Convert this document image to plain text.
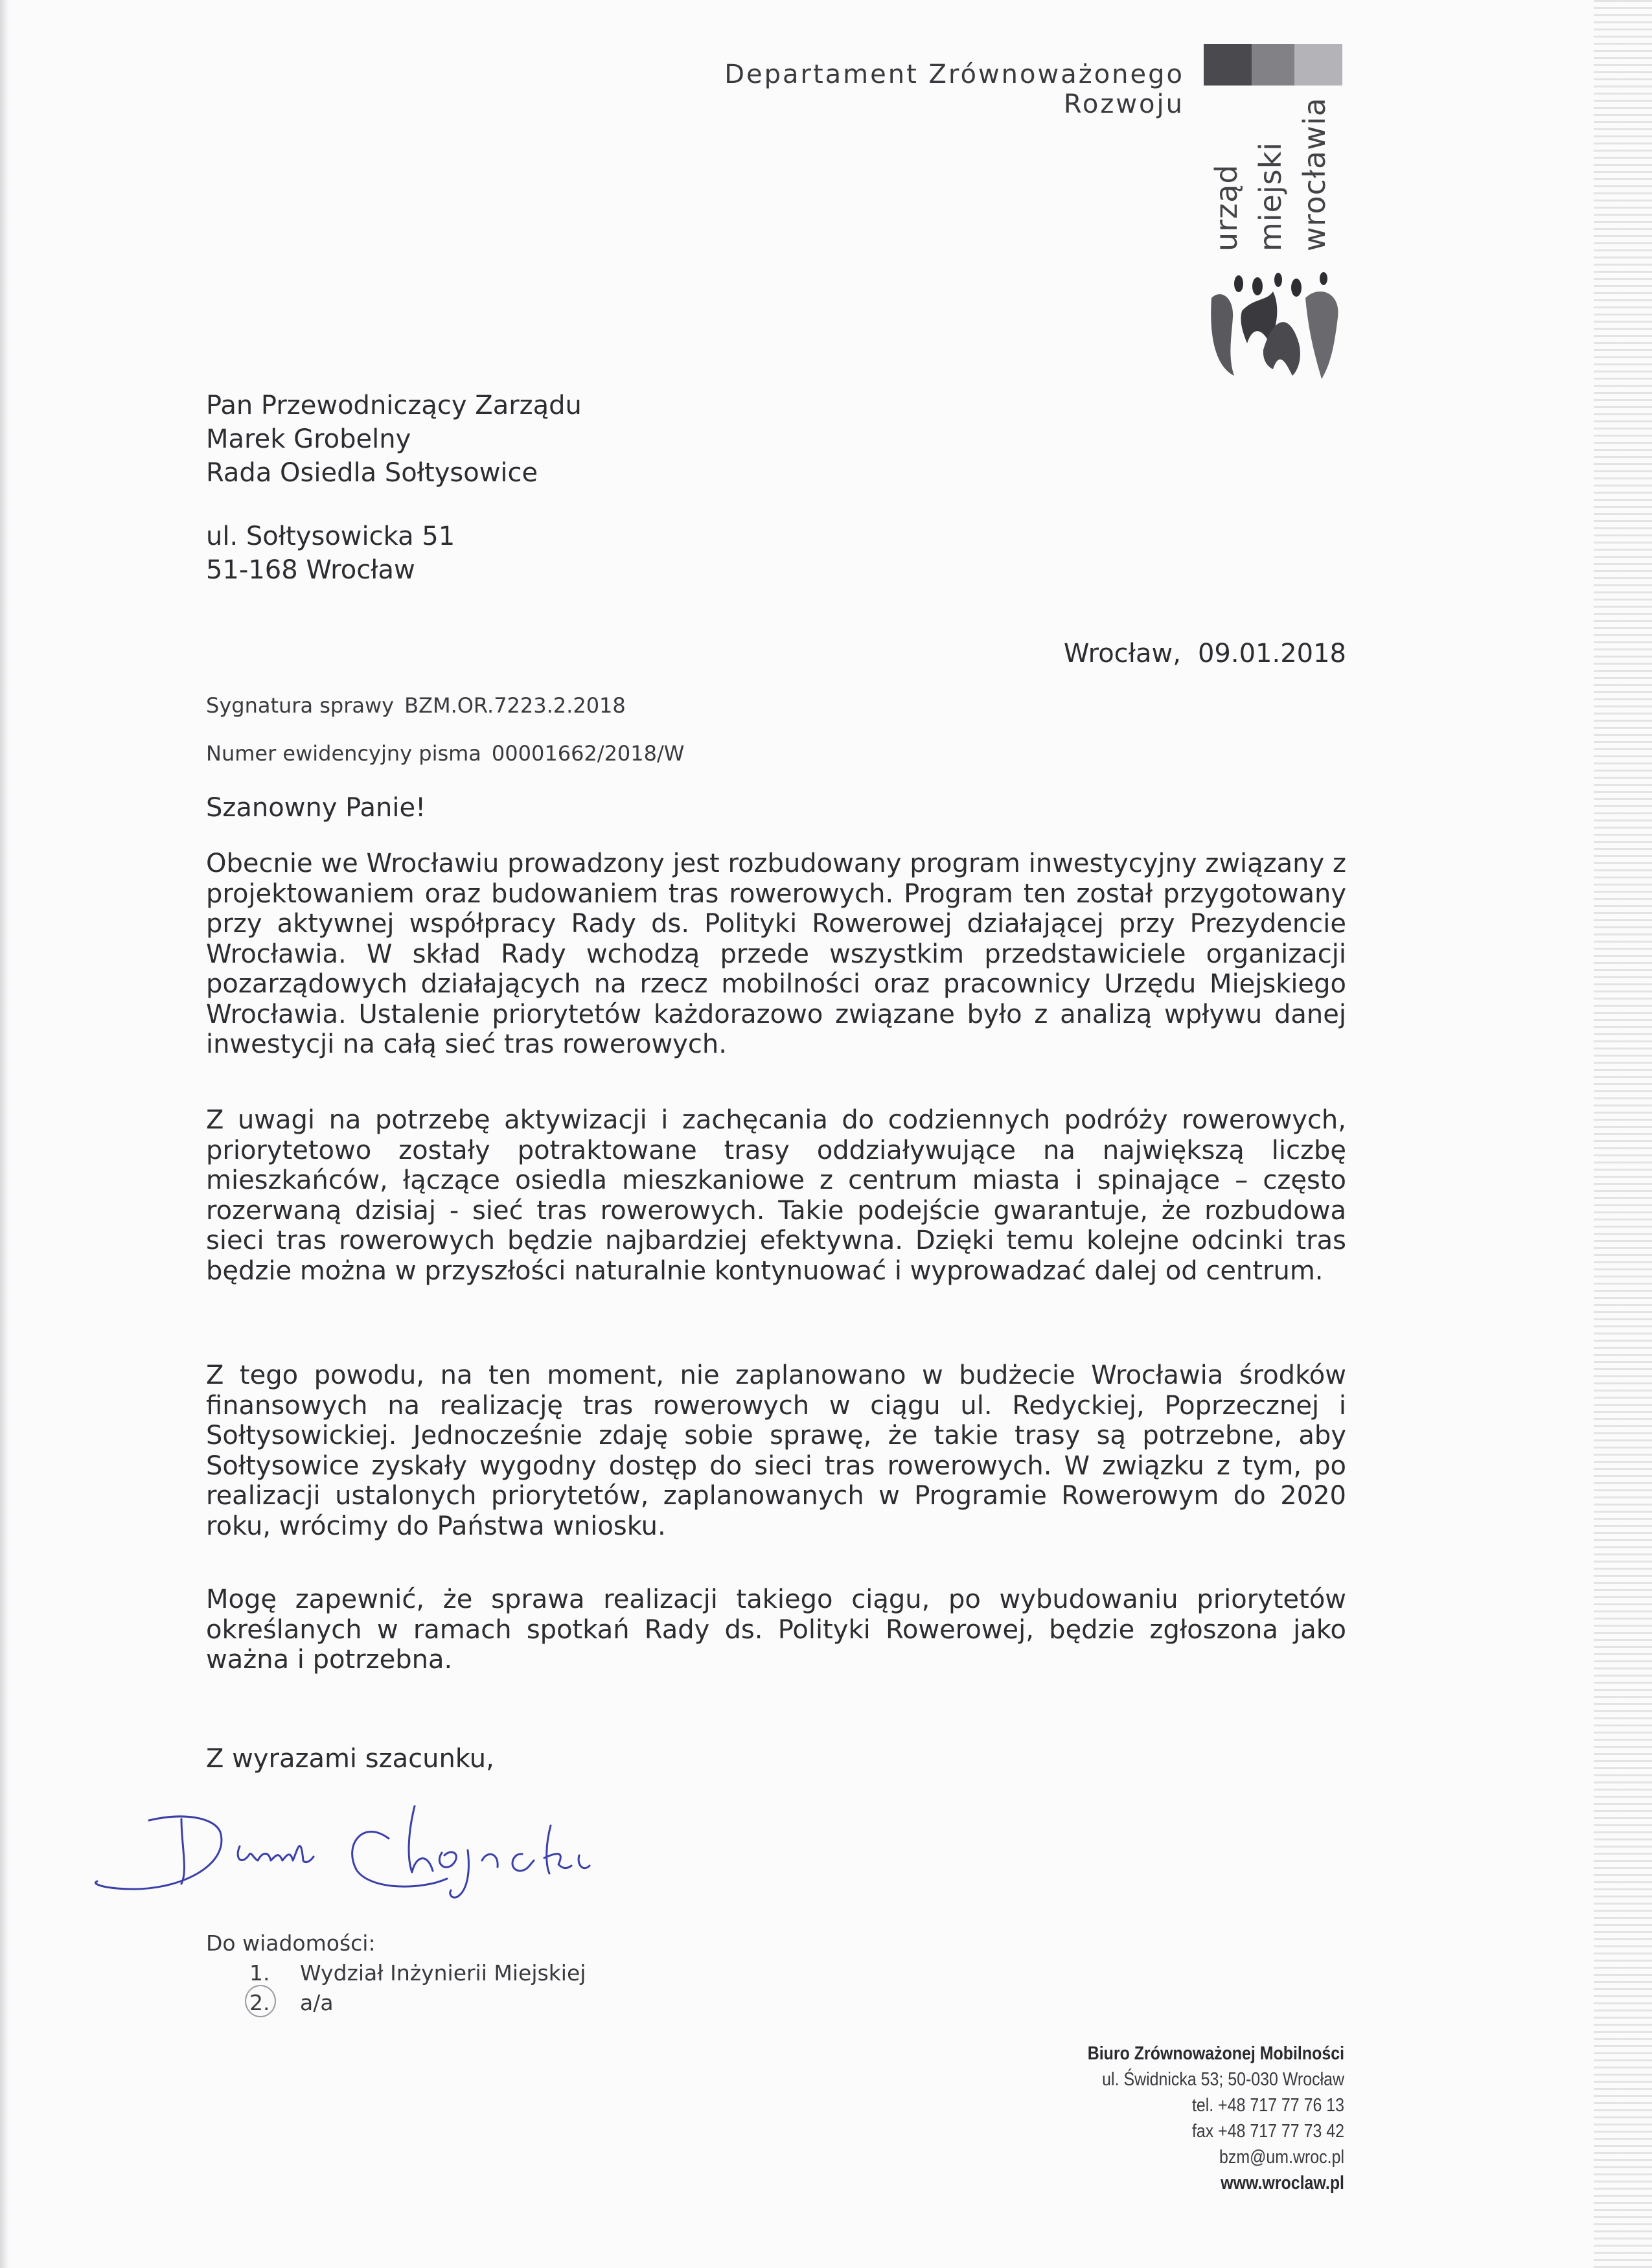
Departament Zrównoważonego Rozwoju
urząd miejski wrocławia
Pan Przewodniczący Zarządu
Marek Grobelny
Rada Osiedla Sołtysowice
ul. Sołtysowicka 51
51-168 Wrocław
Wrocław, 09.01.2018
Sygnatura sprawy BZM.OR.7223.2.2018
Numer ewidencyjny pisma 00001662/2018/W
Szanowny Panie!
Obecnie we Wrocławiu prowadzony jest rozbudowany program inwestycyjny związany z projektowaniem oraz budowaniem tras rowerowych. Program ten został przygotowany przy aktywnej współpracy Rady ds. Polityki Rowerowej działającej przy Prezydencie Wrocławia. W skład Rady wchodzą przede wszystkim przedstawiciele organizacji pozarządowych działających na rzecz mobilności oraz pracownicy Urzędu Miejskiego Wrocławia. Ustalenie priorytetów każdorazowo związane było z analizą wpływu danej inwestycji na całą sieć tras rowerowych.
Z uwagi na potrzebę aktywizacji i zachęcania do codziennych podróży rowerowych, priorytetowo zostały potraktowane trasy oddziaływujące na największą liczbę mieszkańców, łączące osiedla mieszkaniowe z centrum miasta i spinające – często rozerwaną dzisiaj - sieć tras rowerowych. Takie podejście gwarantuje, że rozbudowa sieci tras rowerowych będzie najbardziej efektywna. Dzięki temu kolejne odcinki tras będzie można w przyszłości naturalnie kontynuować i wyprowadzać dalej od centrum.
Z tego powodu, na ten moment, nie zaplanowano w budżecie Wrocławia środków finansowych na realizację tras rowerowych w ciągu ul. Redyckiej, Poprzecznej i Sołtysowickiej. Jednocześnie zdaję sobie sprawę, że takie trasy są potrzebne, aby Sołtysowice zyskały wygodny dostęp do sieci tras rowerowych. W związku z tym, po realizacji ustalonych priorytetów, zaplanowanych w Programie Rowerowym do 2020 roku, wrócimy do Państwa wniosku.
Mogę zapewnić, że sprawa realizacji takiego ciągu, po wybudowaniu priorytetów określanych w ramach spotkań Rady ds. Polityki Rowerowej, będzie zgłoszona jako ważna i potrzebna.
Z wyrazami szacunku,
Do wiadomości:
1. Wydział Inżynierii Miejskiej
2. a/a
Biuro Zrównoważonej Mobilności
ul. Świdnicka 53; 50-030 Wrocław
tel. +48 717 77 76 13
fax +48 717 77 73 42
bzm@um.wroc.pl
www.wroclaw.pl
